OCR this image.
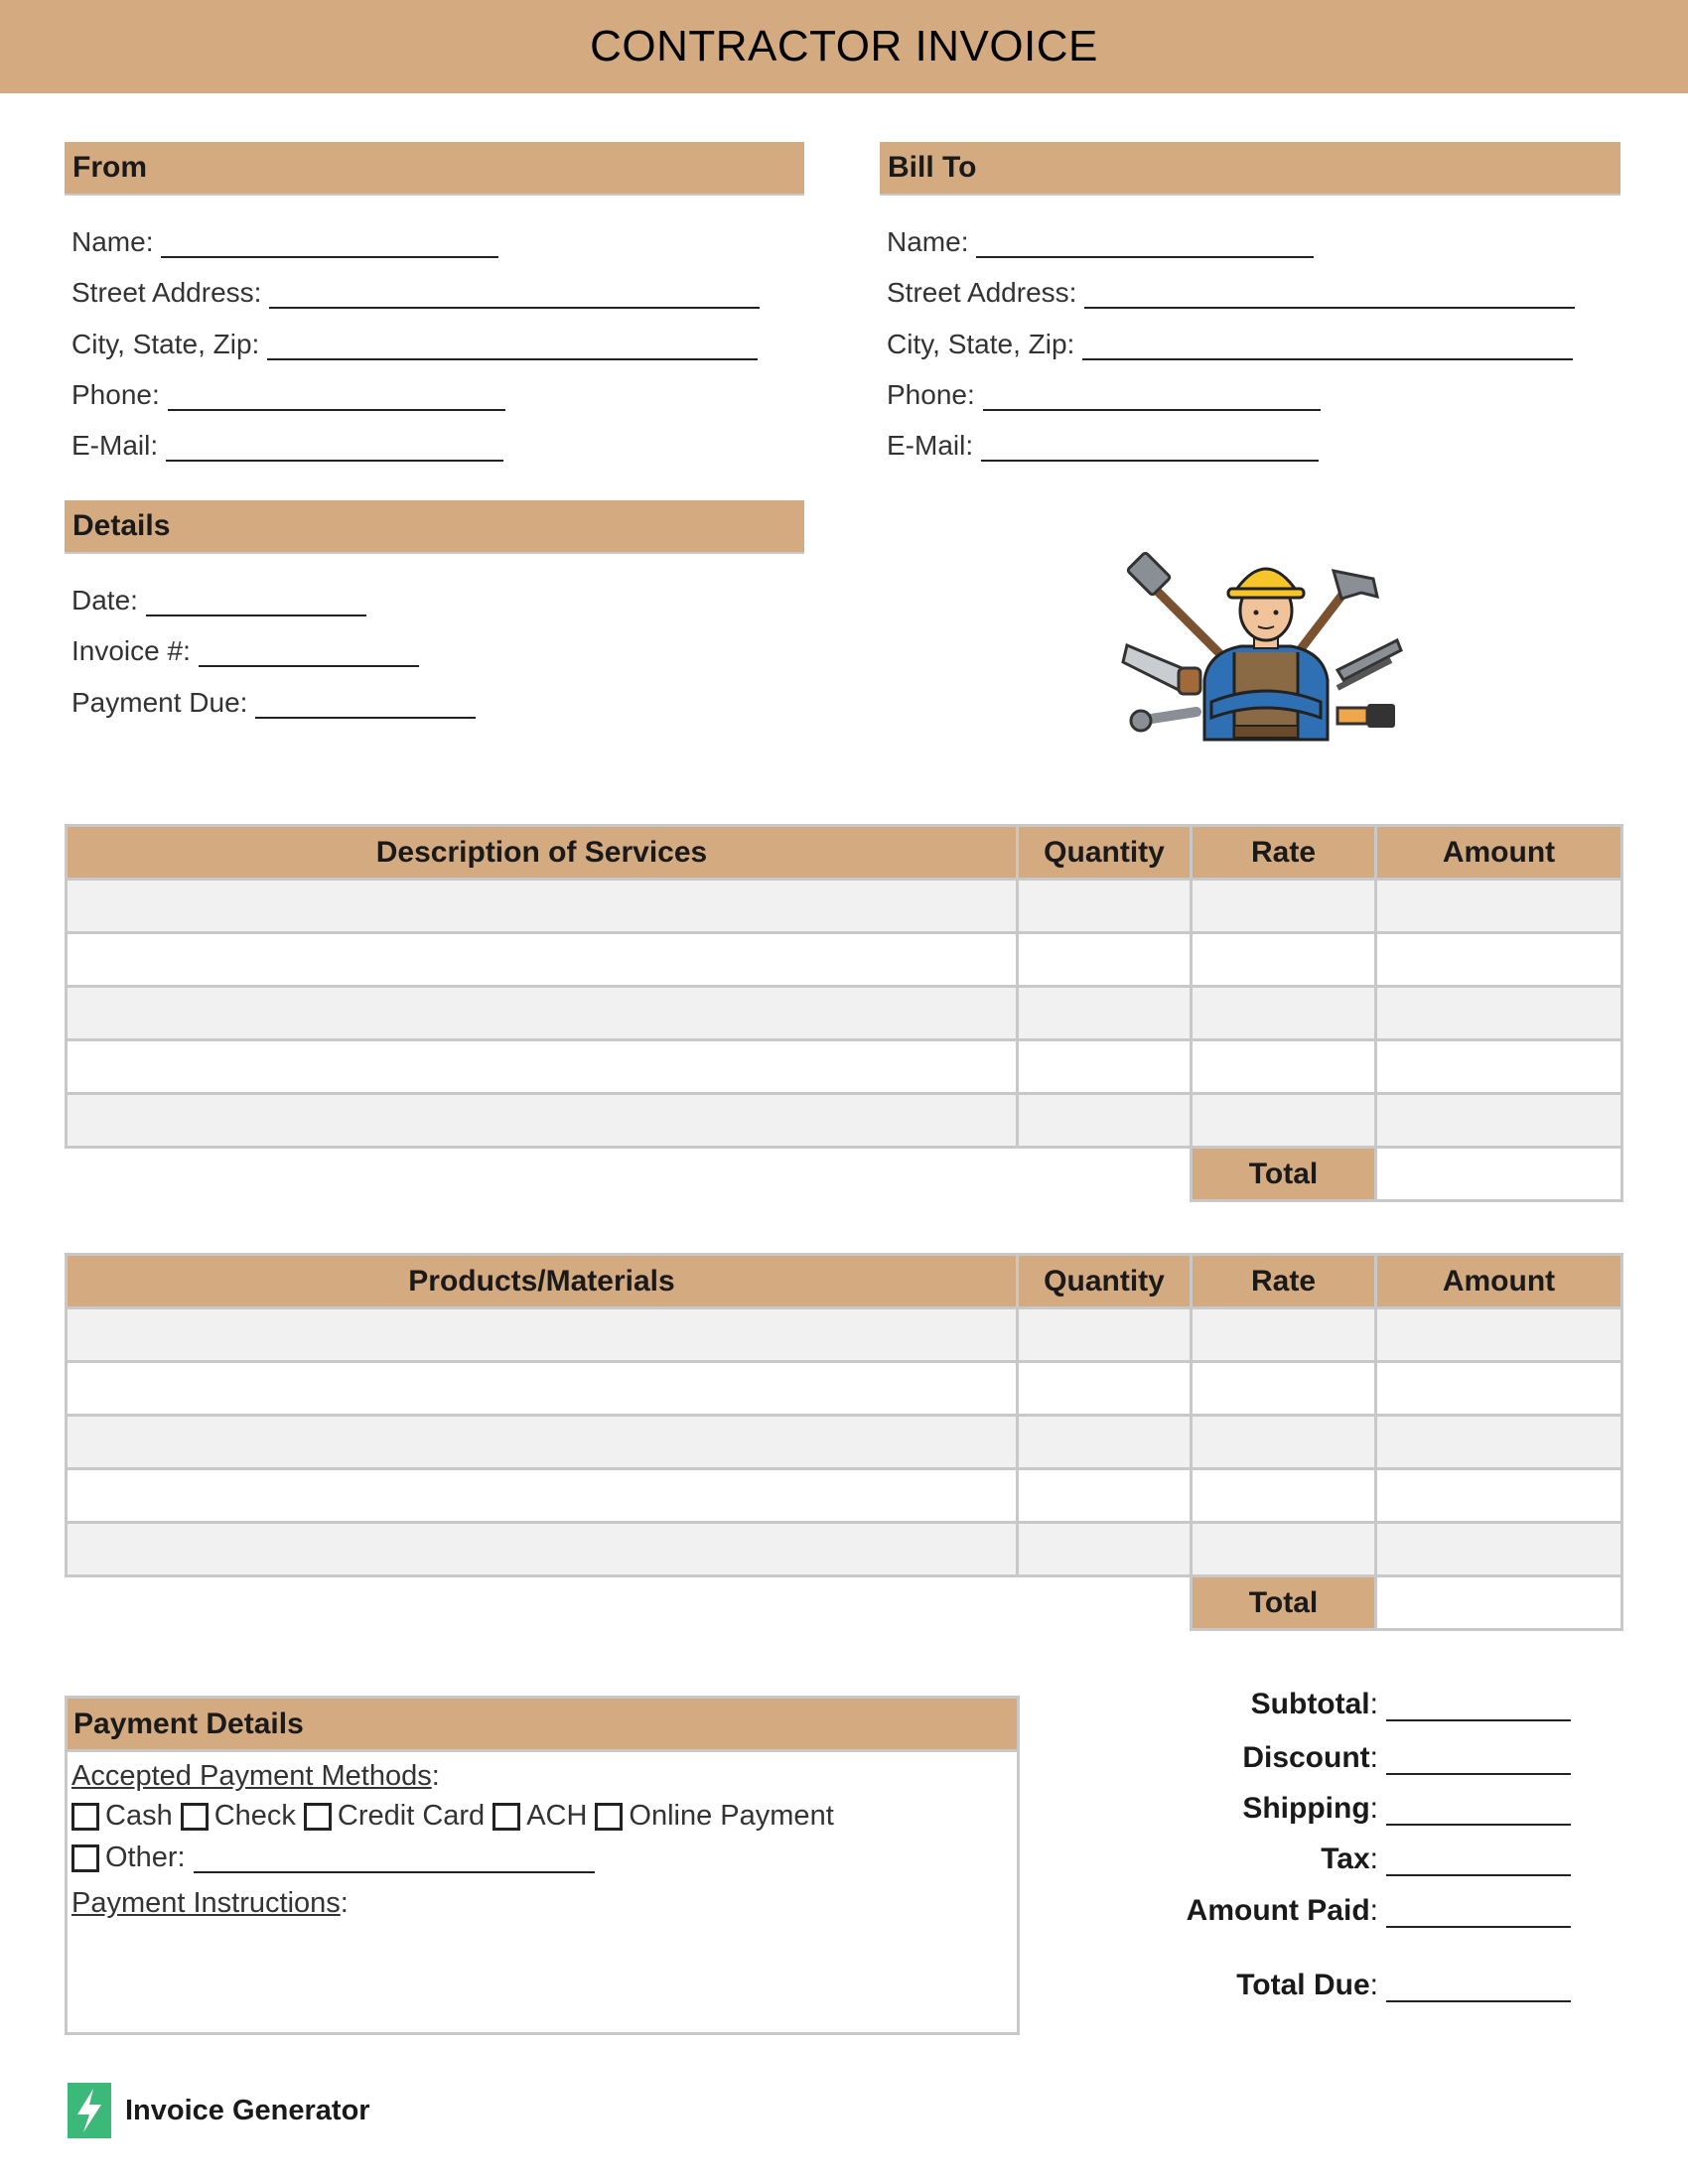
CONTRACTOR INVOICE
From
Name:
Street Address:
City, State, Zip:
Phone:
E-Mail:
Bill To
Name:
Street Address:
City, State, Zip:
Phone:
E-Mail:
Details
Date:
Invoice #:
Payment Due:
Description of Services	Quantity	Rate	Amount

		Total	
Products/Materials	Quantity	Rate	Amount

		Total	
Payment Details
Accepted Payment Methods :
Cash Check Credit Card ACH Online Payment
Other:
Payment Instructions :
Subtotal :
Discount :
Shipping :
Tax :
Amount Paid :
Total Due :
Invoice Generator
